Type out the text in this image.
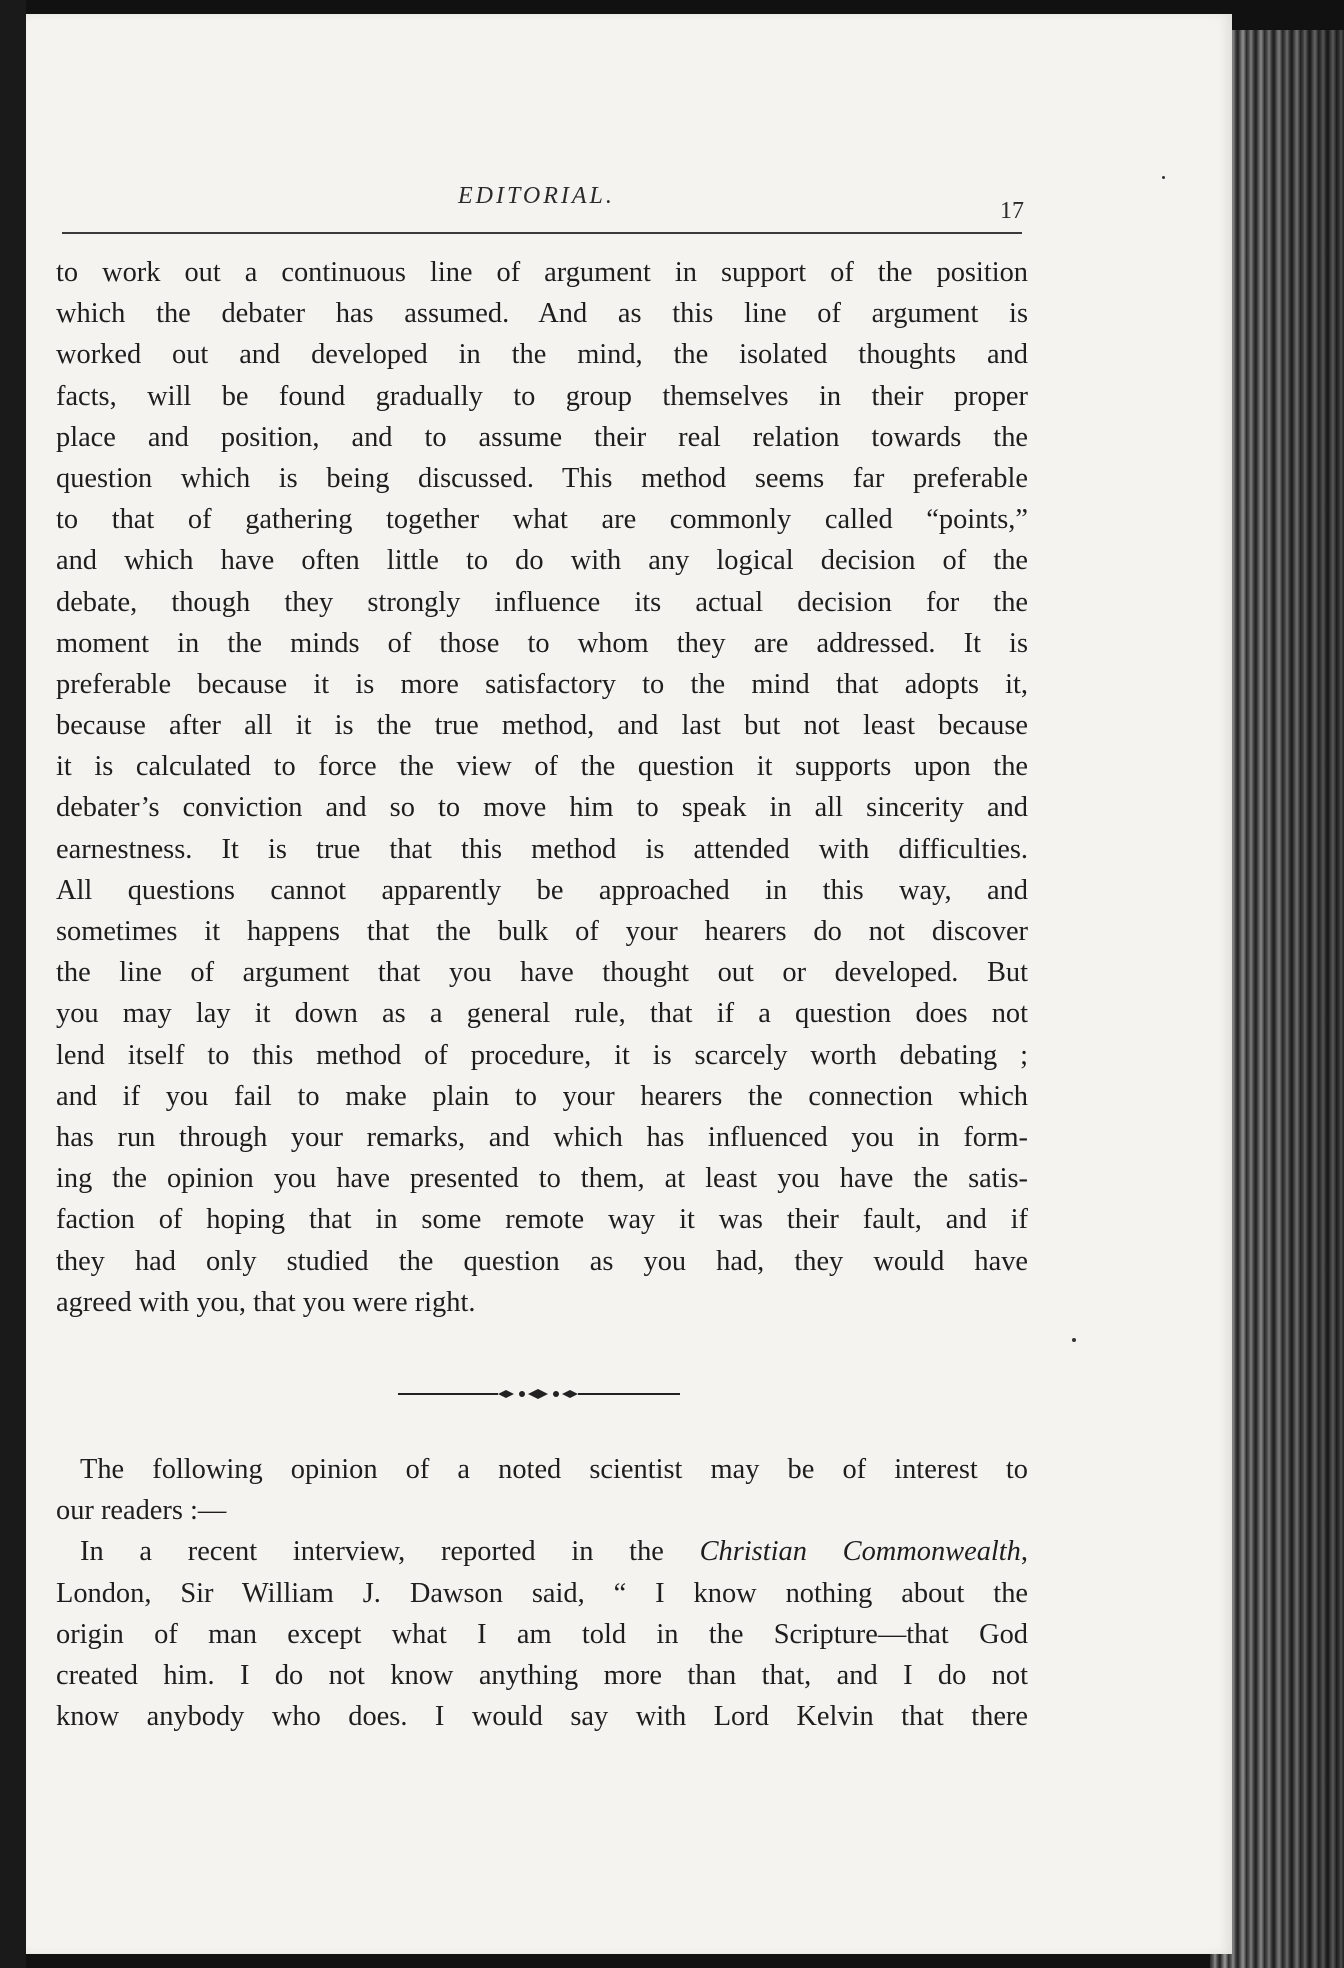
EDITORIAL.
17
to work out a continuous line of argument in support of the position
which the debater has assumed. And as this line of argument is
worked out and developed in the mind, the isolated thoughts and
facts, will be found gradually to group themselves in their proper
place and position, and to assume their real relation towards the
question which is being discussed. This method seems far preferable
to that of gathering together what are commonly called “points,”
and which have often little to do with any logical decision of the
debate, though they strongly influence its actual decision for the
moment in the minds of those to whom they are addressed. It is
preferable because it is more satisfactory to the mind that adopts it,
because after all it is the true method, and last but not least because
it is calculated to force the view of the question it supports upon the
debater’s conviction and so to move him to speak in all sincerity and
earnestness. It is true that this method is attended with difficulties.
All questions cannot apparently be approached in this way, and
sometimes it happens that the bulk of your hearers do not discover
the line of argument that you have thought out or developed. But
you may lay it down as a general rule, that if a question does not
lend itself to this method of procedure, it is scarcely worth debating ;
and if you fail to make plain to your hearers the connection which
has run through your remarks, and which has influenced you in form-
ing the opinion you have presented to them, at least you have the satis-
faction of hoping that in some remote way it was their fault, and if
they had only studied the question as you had, they would have
agreed with you, that you were right.
The following opinion of a noted scientist may be of interest to
our readers :—
In a recent interview, reported in the Christian Commonwealth,
London, Sir William J. Dawson said, “ I know nothing about the
origin of man except what I am told in the Scripture—that God
created him. I do not know anything more than that, and I do not
know anybody who does. I would say with Lord Kelvin that there
